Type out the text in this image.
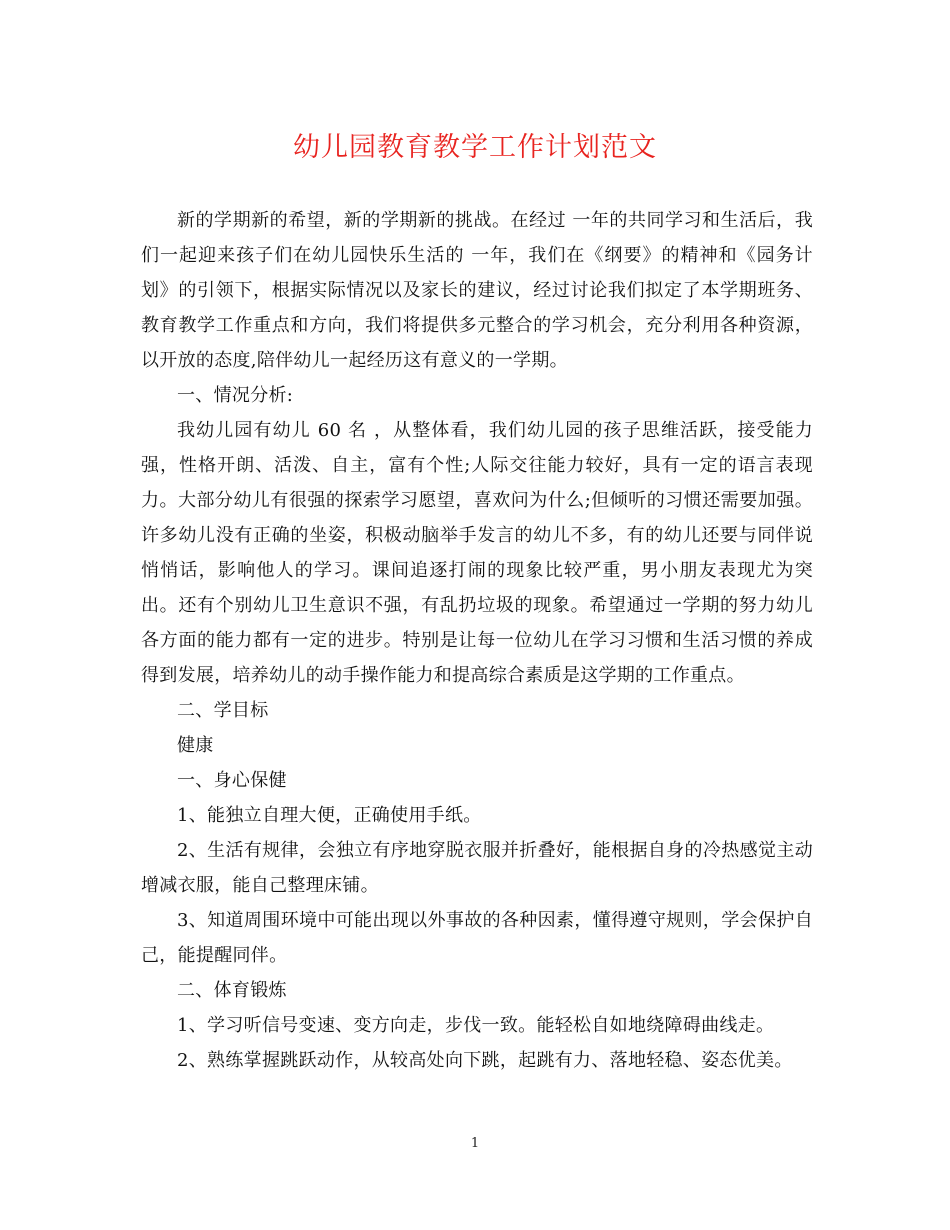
幼儿园教育教学工作计划范文

新的学期新的希望，新的学期新的挑战。在经过 一年的共同学习和生活后，我们一起迎来孩子们在幼儿园快乐生活的 一年，我们在《纲要》的精神和《园务计划》的引领下，根据实际情况以及家长的建议，经过讨论我们拟定了本学期班务、教育教学工作重点和方向，我们将提供多元整合的学习机会，充分利用各种资源，以开放的态度,陪伴幼儿一起经历这有意义的一学期。

一、情况分析:

我幼儿园有幼儿 60 名 ，从整体看，我们幼儿园的孩子思维活跃，接受能力强，性格开朗、活泼、自主，富有个性;人际交往能力较好，具有一定的语言表现力。大部分幼儿有很强的探索学习愿望，喜欢问为什么;但倾听的习惯还需要加强。许多幼儿没有正确的坐姿，积极动脑举手发言的幼儿不多，有的幼儿还要与同伴说悄悄话，影响他人的学习。课间追逐打闹的现象比较严重，男小朋友表现尤为突出。还有个别幼儿卫生意识不强，有乱扔垃圾的现象。希望通过一学期的努力幼儿各方面的能力都有一定的进步。特别是让每一位幼儿在学习习惯和生活习惯的养成得到发展，培养幼儿的动手操作能力和提高综合素质是这学期的工作重点。

二、学目标

健康

一、身心保健

1、能独立自理大便，正确使用手纸。

2、生活有规律，会独立有序地穿脱衣服并折叠好，能根据自身的冷热感觉主动增减衣服，能自己整理床铺。

3、知道周围环境中可能出现以外事故的各种因素，懂得遵守规则，学会保护自己，能提醒同伴。

二、体育锻炼

1、学习听信号变速、变方向走，步伐一致。能轻松自如地绕障碍曲线走。

2、熟练掌握跳跃动作，从较高处向下跳，起跳有力、落地轻稳、姿态优美。

1
